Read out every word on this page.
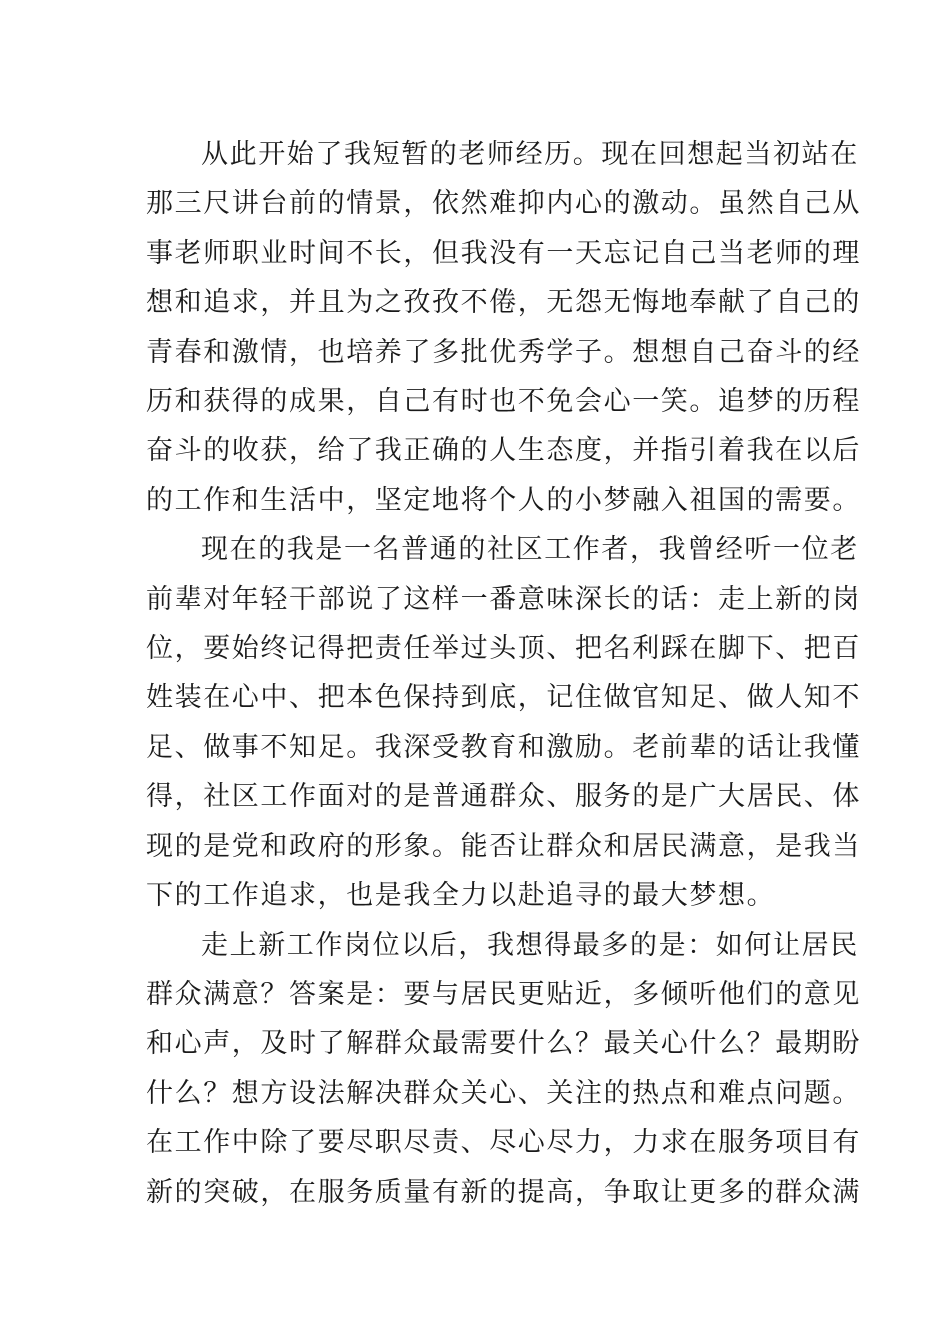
从此开始了我短暂的老师经历。现在回想起当初站在
那三尺讲台前的情景，依然难抑内心的激动。虽然自己从
事老师职业时间不长，但我没有一天忘记自己当老师的理
想和追求，并且为之孜孜不倦，无怨无悔地奉献了自己的
青春和激情，也培养了多批优秀学子。想想自己奋斗的经
历和获得的成果，自己有时也不免会心一笑。追梦的历程
奋斗的收获，给了我正确的人生态度，并指引着我在以后
的工作和生活中，坚定地将个人的小梦融入祖国的需要。
现在的我是一名普通的社区工作者，我曾经听一位老
前辈对年轻干部说了这样一番意味深长的话：走上新的岗
位，要始终记得把责任举过头顶、把名利踩在脚下、把百
姓装在心中、把本色保持到底，记住做官知足、做人知不
足、做事不知足。我深受教育和激励。老前辈的话让我懂
得，社区工作面对的是普通群众、服务的是广大居民、体
现的是党和政府的形象。能否让群众和居民满意，是我当
下的工作追求，也是我全力以赴追寻的最大梦想。
走上新工作岗位以后，我想得最多的是：如何让居民
群众满意？答案是：要与居民更贴近，多倾听他们的意见
和心声，及时了解群众最需要什么？最关心什么？最期盼
什么？想方设法解决群众关心、关注的热点和难点问题。
在工作中除了要尽职尽责、尽心尽力，力求在服务项目有
新的突破，在服务质量有新的提高，争取让更多的群众满
